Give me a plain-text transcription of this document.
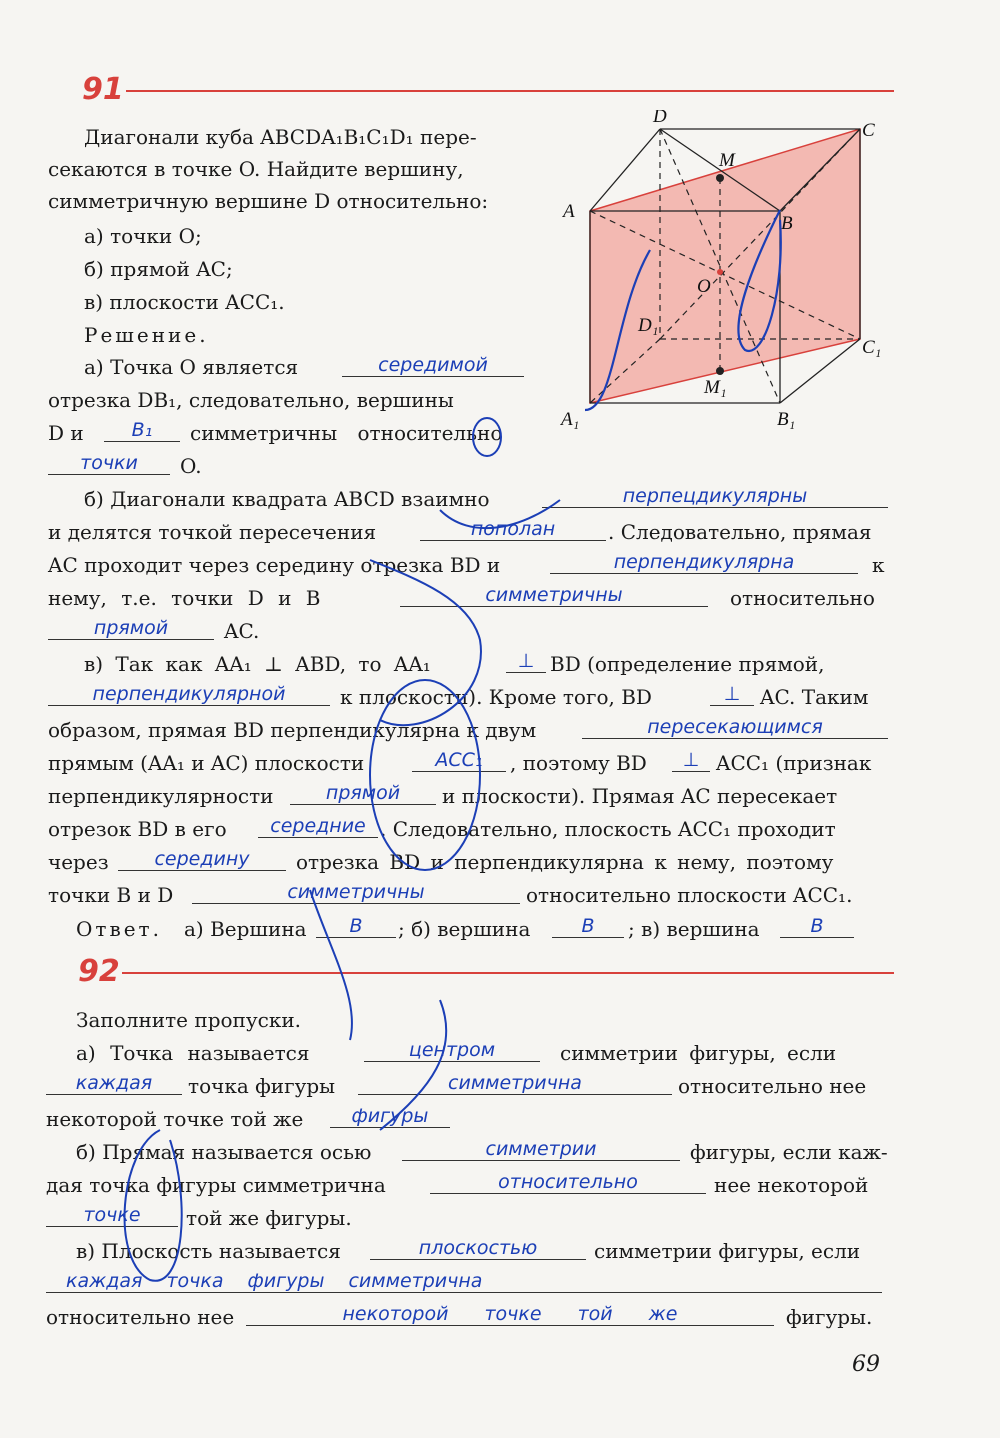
91
Диагонали куба ABCDA₁B₁C₁D₁ пере-
секаются в точке O. Найдите вершину,
симметричную вершине D относительно:
а) точки O;
б) прямой AC;
в) плоскости ACC₁.
Решение.
D
C
A
B
M
O
D₁
C₁
M₁
A₁	B₁
а) Точка O является	середимой
отрезка DB₁, следовательно, вершины
D и	B₁	симметричны относительно
точки	O.
б) Диагонали квадрата ABCD взаимно	перпецдикулярны
и делятся точкой пересечения	пополан	. Следовательно, прямая
AC проходит через середину отрезка BD и	перпендикулярна	к
нему, т.е. точки D и B	симметричны	относительно
прямой	AC.
в) Так как AA₁ ⊥ ABD, то AA₁	⊥ BD (определение прямой,
перпендикулярной	к плоскости). Кроме того, BD	⊥ AC. Таким
образом, прямая BD перпендикулярна к двум	пересекающимся
прямым (AA₁ и AC) плоскости	ACC₁	, поэтому BD	⊥ ACC₁ (признак
перпендикулярности	прямой	и плоскости). Прямая AC пересекает
отрезок BD в его	середние . Следовательно, плоскость ACC₁ проходит
через	середину	отрезка BD и перпендикулярна к нему, поэтому
точки B и D	симметричны	относительно плоскости ACC₁.
Ответ. а) Вершина	B	; б) вершина	B	; в) вершина	B
92
Заполните пропуски.
а) Точка называется	центром	симметрии фигуры, если
каждая	точка фигуры	симметрична	относительно нее
некоторой точке той же	фигуры
б) Прямая называется осью	симметрии	фигуры, если каж-
дая точка фигуры симметрична	относительно	нее некоторой
точке	той же фигуры.
в) Плоскость называется	плоскостью	симметрии фигуры, если
каждая точка фигуры симметрична
относительно нее	некоторой точке той же	фигуры.
69
